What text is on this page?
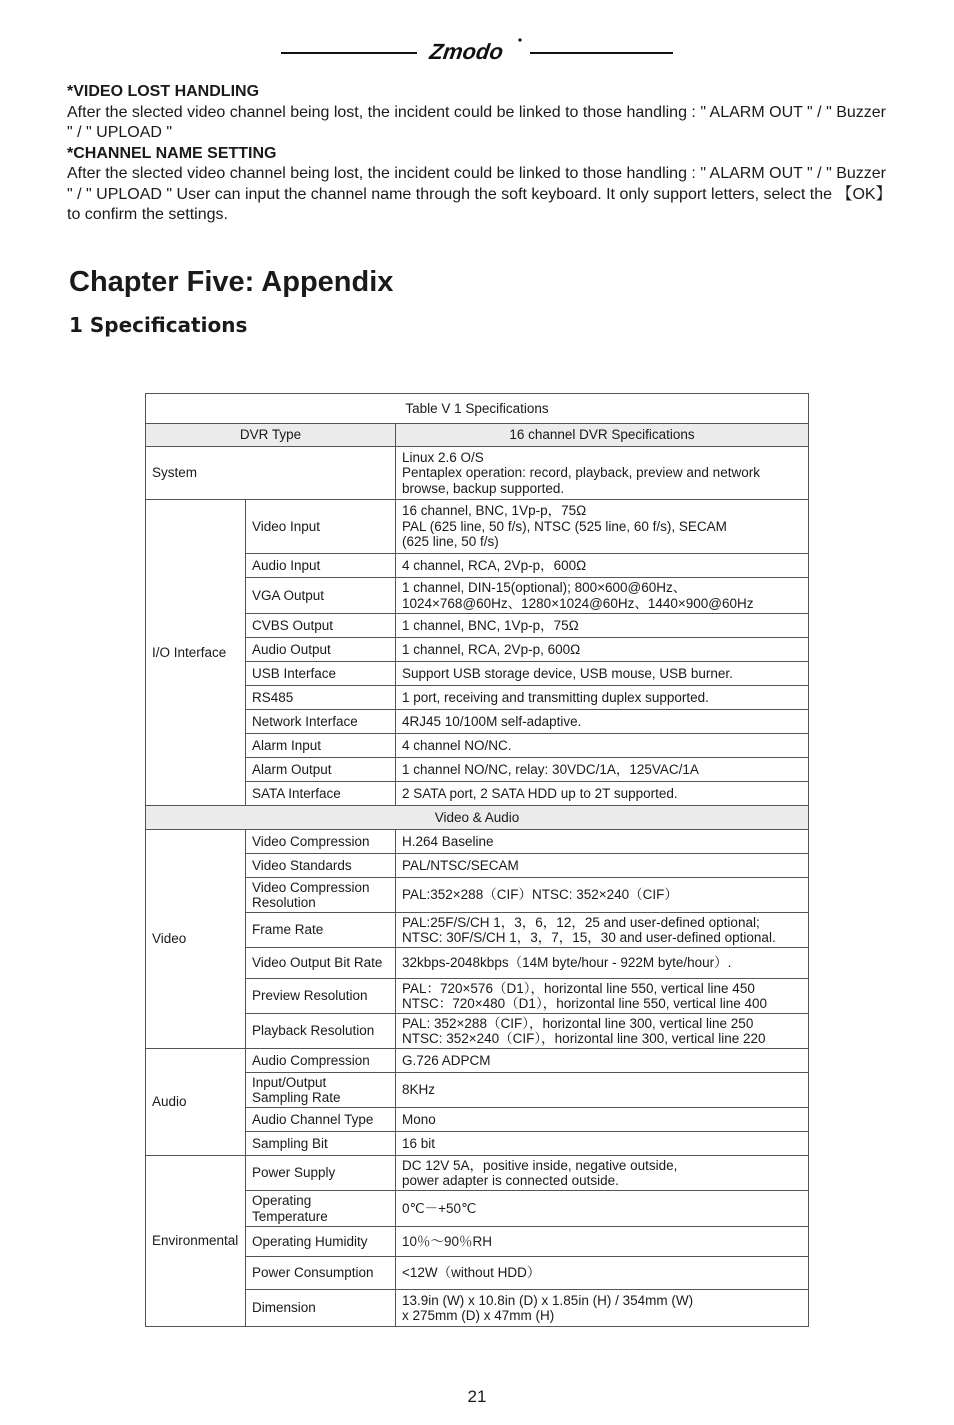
Zmodo

*VIDEO LOST HANDLING

After the slected video channel being lost, the incident could be linked to those handling : " ALARM OUT " / " Buzzer " / " UPLOAD "

*CHANNEL NAME SETTING

After the slected video channel being lost, the incident could be linked to those handling : " ALARM OUT " / " Buzzer " / " UPLOAD " User can input the channel name through the soft keyboard. It only support letters, select the 【OK】to confirm the settings.

Chapter Five: Appendix
1 Specifications
Table V 1 Specifications		
DVR Type		16 channel DVR Specifications
System		Linux 2.6 O/S
Pentaplex operation: record, playback, preview and network browse, backup supported.
I/O Interface	Video Input	16 channel, BNC, 1Vp-p，75Ω
PAL (625 line, 50 f/s), NTSC (525 line, 60 f/s), SECAM
(625 line, 50 f/s)
	Audio Input	4 channel, RCA, 2Vp-p，600Ω
	VGA Output	1 channel, DIN-15(optional); 800×600@60Hz、
1024×768@60Hz、1280×1024@60Hz、1440×900@60Hz
	CVBS Output	1 channel, BNC, 1Vp-p，75Ω
	Audio Output	1 channel, RCA, 2Vp-p, 600Ω
	USB Interface	Support USB storage device, USB mouse, USB burner.
	RS485	1 port, receiving and transmitting duplex supported.
	Network Interface	4RJ45 10/100M self-adaptive.
	Alarm Input	4 channel NO/NC.
	Alarm Output	1 channel NO/NC, relay: 30VDC/1A，125VAC/1A
	SATA Interface	2 SATA port, 2 SATA HDD up to 2T supported.
Video & Audio		
Video	Video Compression	H.264 Baseline
	Video Standards	PAL/NTSC/SECAM
	Video Compression
Resolution	PAL:352×288（CIF）NTSC: 352×240（CIF）
	Frame Rate	PAL:25F/S/CH 1，3，6，12，25 and user-defined optional;
NTSC: 30F/S/CH 1，3，7，15，30 and user-defined optional.
	Video Output Bit Rate	32kbps-2048kbps（14M byte/hour - 922M byte/hour）.
	Preview Resolution	PAL：720×576（D1），horizontal line 550, vertical line 450
NTSC：720×480（D1），horizontal line 550, vertical line 400
	Playback Resolution	PAL: 352×288（CIF），horizontal line 300, vertical line 250
NTSC: 352×240（CIF），horizontal line 300, vertical line 220
Audio	Audio Compression	G.726 ADPCM
	Input/Output
Sampling Rate	8KHz
	Audio Channel Type	Mono
	Sampling Bit	16 bit
Environmental	Power Supply	DC 12V 5A，positive inside, negative outside,
power adapter is connected outside.
	Operating
Temperature	0℃－+50℃
	Operating Humidity	10％～90％RH
	Power Consumption	<12W（without HDD）
	Dimension	13.9in (W) x 10.8in (D) x 1.85in (H) / 354mm (W)
x 275mm (D) x 47mm (H)
21
